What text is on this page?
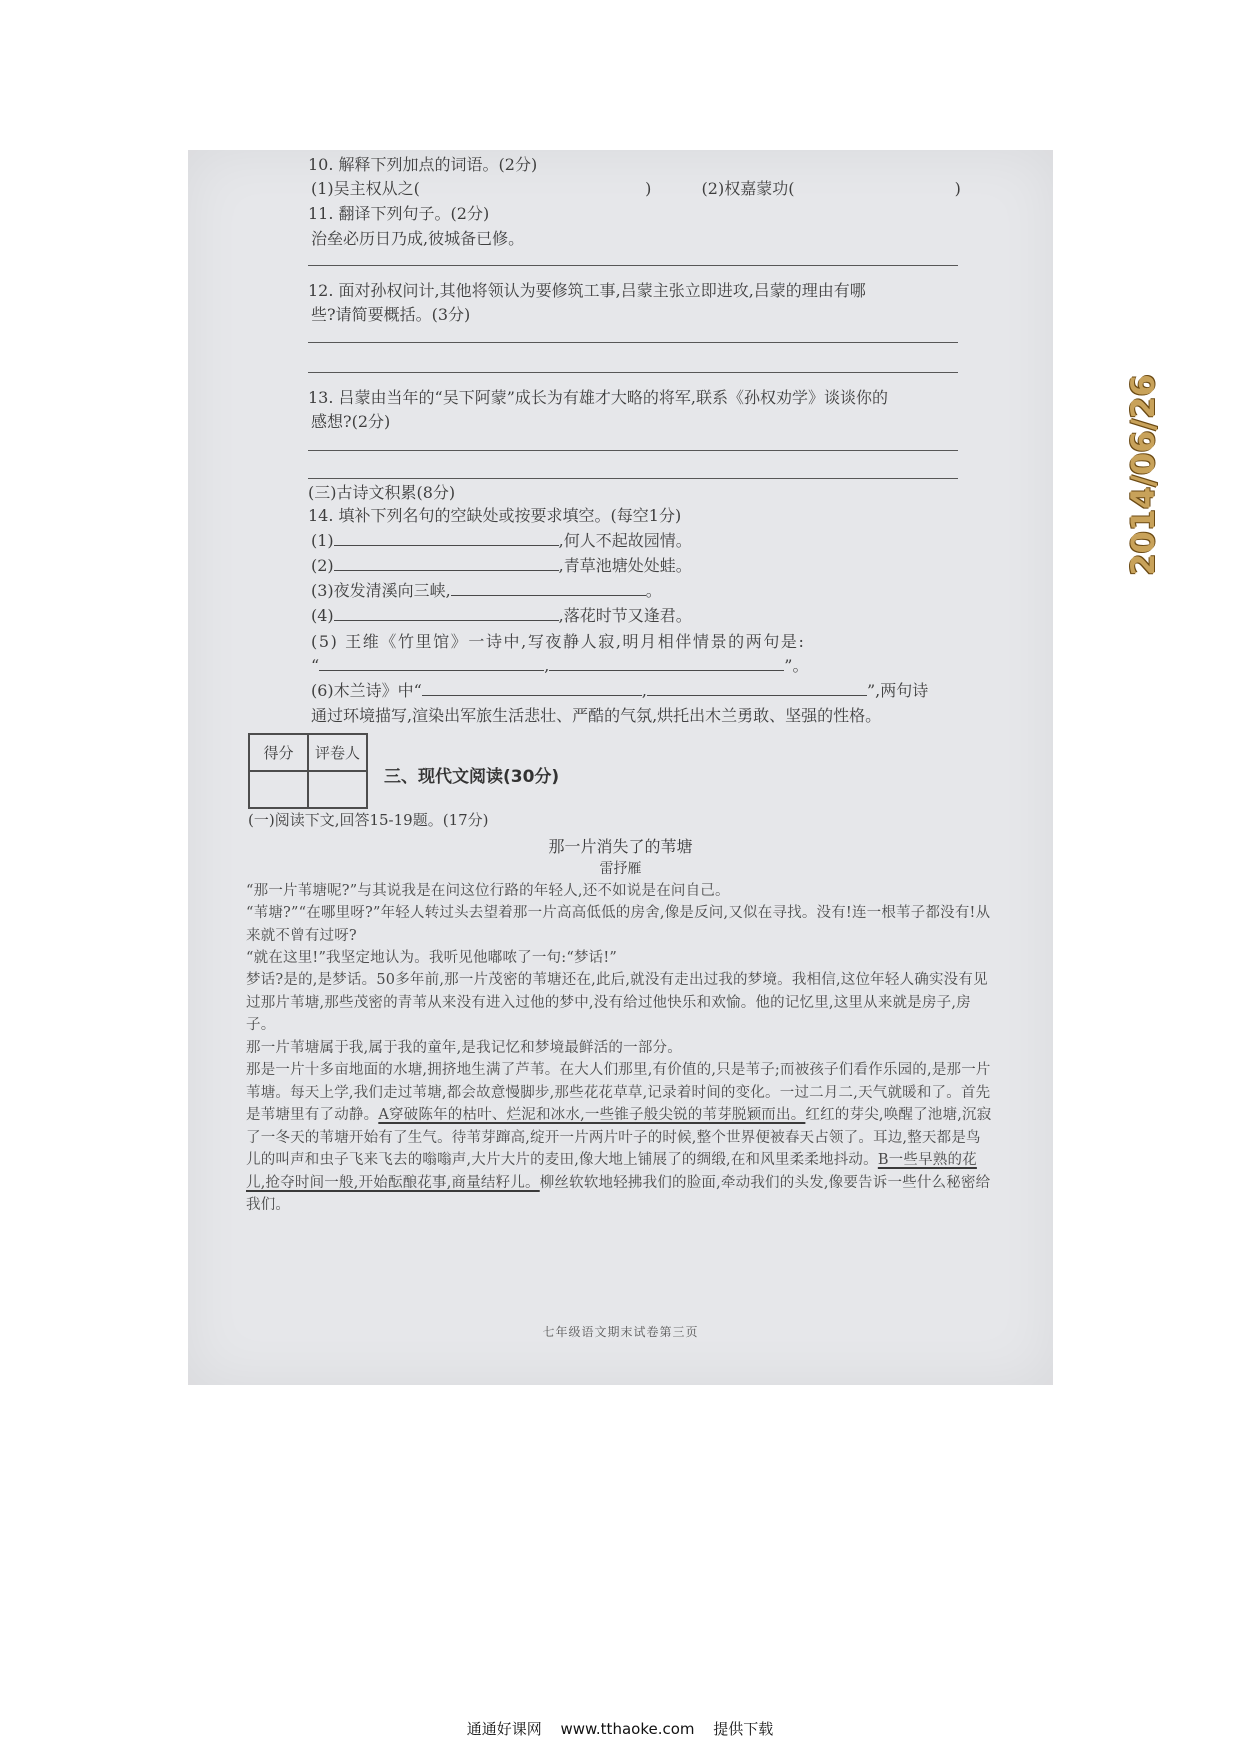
2014/06/26
10. 解释下列加点的词语。(2分)
(1)吴主权从之(	)	(2)权嘉蒙功(	)
11. 翻译下列句子。(2分)
治垒必历日乃成,彼城备已修。
12. 面对孙权问计,其他将领认为要修筑工事,吕蒙主张立即进攻,吕蒙的理由有哪
些?请简要概括。(3分)
13. 吕蒙由当年的“吴下阿蒙”成长为有雄才大略的将军,联系《孙权劝学》谈谈你的
感想?(2分)
(三)古诗文积累(8分)
14. 填补下列名句的空缺处或按要求填空。(每空1分)
(1)	,何人不起故园情。
(2)	,青草池塘处处蛙。
(3)夜发清溪向三峡,	。
(4)	,落花时节又逢君。
(5) 王维《竹里馆》一诗中,写夜静人寂,明月相伴情景的两句是:
“	,	”。
(6)木兰诗》中“	,	”,两句诗
通过环境描写,渲染出军旅生活悲壮、严酷的气氛,烘托出木兰勇敢、坚强的性格。
得分	评卷人

三、现代文阅读(30分)
(一)阅读下文,回答15-19题。(17分)
那一片消失了的苇塘
雷抒雁
“那一片苇塘呢?”与其说我是在问这位行路的年轻人,还不如说是在问自己。
“苇塘?”“在哪里呀?”年轻人转过头去望着那一片高高低低的房舍,像是反问,又似在寻找。没有!连一根苇子都没有!从来就不曾有过呀?
“就在这里!”我坚定地认为。我听见他嘟哝了一句:“梦话!”
梦话?是的,是梦话。50多年前,那一片茂密的苇塘还在,此后,就没有走出过我的梦境。我相信,这位年轻人确实没有见过那片苇塘,那些茂密的青苇从来没有进入过他的梦中,没有给过他快乐和欢愉。他的记忆里,这里从来就是房子,房子。
那一片苇塘属于我,属于我的童年,是我记忆和梦境最鲜活的一部分。
那是一片十多亩地面的水塘,拥挤地生满了芦苇。在大人们那里,有价值的,只是苇子;而被孩子们看作乐园的,是那一片苇塘。每天上学,我们走过苇塘,都会故意慢脚步,那些花花草草,记录着时间的变化。一过二月二,天气就暖和了。首先是苇塘里有了动静。A穿破陈年的枯叶、烂泥和冰水,一些锥子般尖锐的苇芽脱颖而出。红红的芽尖,唤醒了池塘,沉寂了一冬天的苇塘开始有了生气。待苇芽蹿高,绽开一片两片叶子的时候,整个世界便被春天占领了。耳边,整天都是鸟儿的叫声和虫子飞来飞去的嗡嗡声,大片大片的麦田,像大地上铺展了的绸缎,在和风里柔柔地抖动。B一些早熟的花儿,抢夺时间一般,开始酝酿花事,商量结籽儿。柳丝软软地轻拂我们的脸面,牵动我们的头发,像要告诉一些什么秘密给我们。
七年级语文期末试卷第三页
通通好课网 www.tthaoke.com 提供下载
